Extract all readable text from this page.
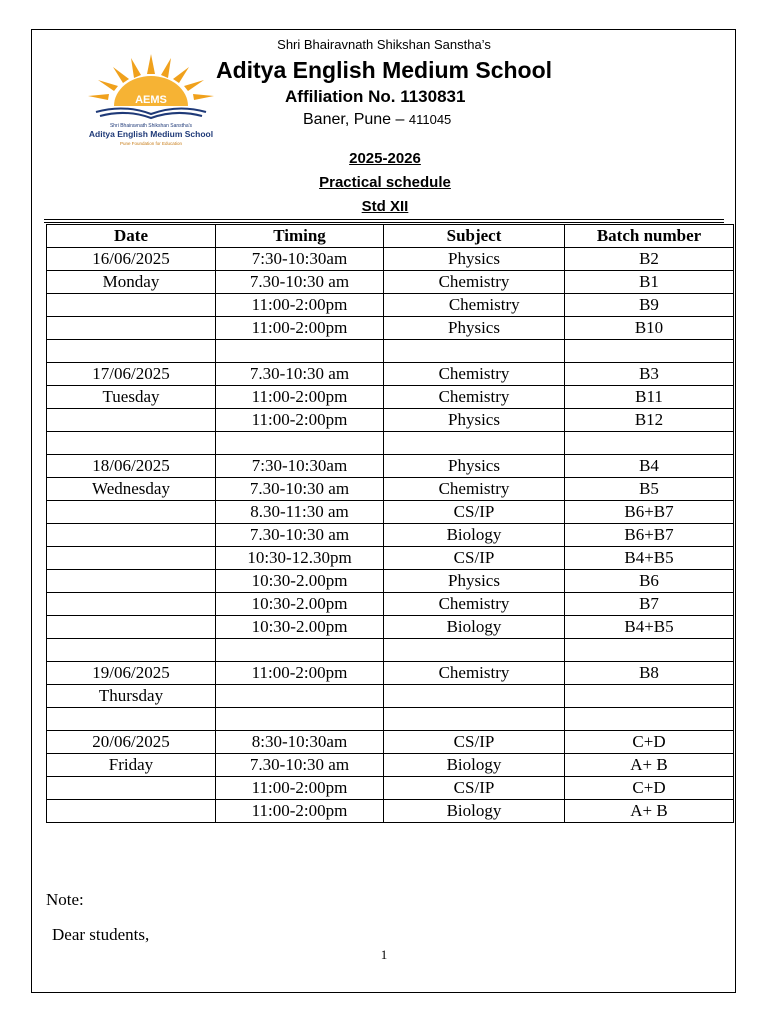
AEMS
Shri Bhairavnath Shikshan Sanstha's
Aditya English Medium School
Pune Foundation for Education
Shri Bhairavnath Shikshan Sanstha’s
Aditya English Medium School
Affiliation No. 1130831
Baner, Pune – 411045
2025-2026
Practical schedule
Std XII
Date	Timing	Subject	Batch number
16/06/2025	7:30-10:30am	Physics	B2
Monday	7.30-10:30 am	Chemistry	B1
	11:00-2:00pm	Chemistry	B9
	11:00-2:00pm	Physics	B10

17/06/2025	7.30-10:30 am	Chemistry	B3
Tuesday	11:00-2:00pm	Chemistry	B11
	11:00-2:00pm	Physics	B12

18/06/2025	7:30-10:30am	Physics	B4
Wednesday	7.30-10:30 am	Chemistry	B5
	8.30-11:30 am	CS/IP	B6+B7
	7.30-10:30 am	Biology	B6+B7
	10:30-12.30pm	CS/IP	B4+B5
	10:30-2.00pm	Physics	B6
	10:30-2.00pm	Chemistry	B7
	10:30-2.00pm	Biology	B4+B5

19/06/2025	11:00-2:00pm	Chemistry	B8
Thursday			

20/06/2025	8:30-10:30am	CS/IP	C+D
Friday	7.30-10:30 am	Biology	A+ B
	11:00-2:00pm	CS/IP	C+D
	11:00-2:00pm	Biology	A+ B
Note:
Dear students,
1
